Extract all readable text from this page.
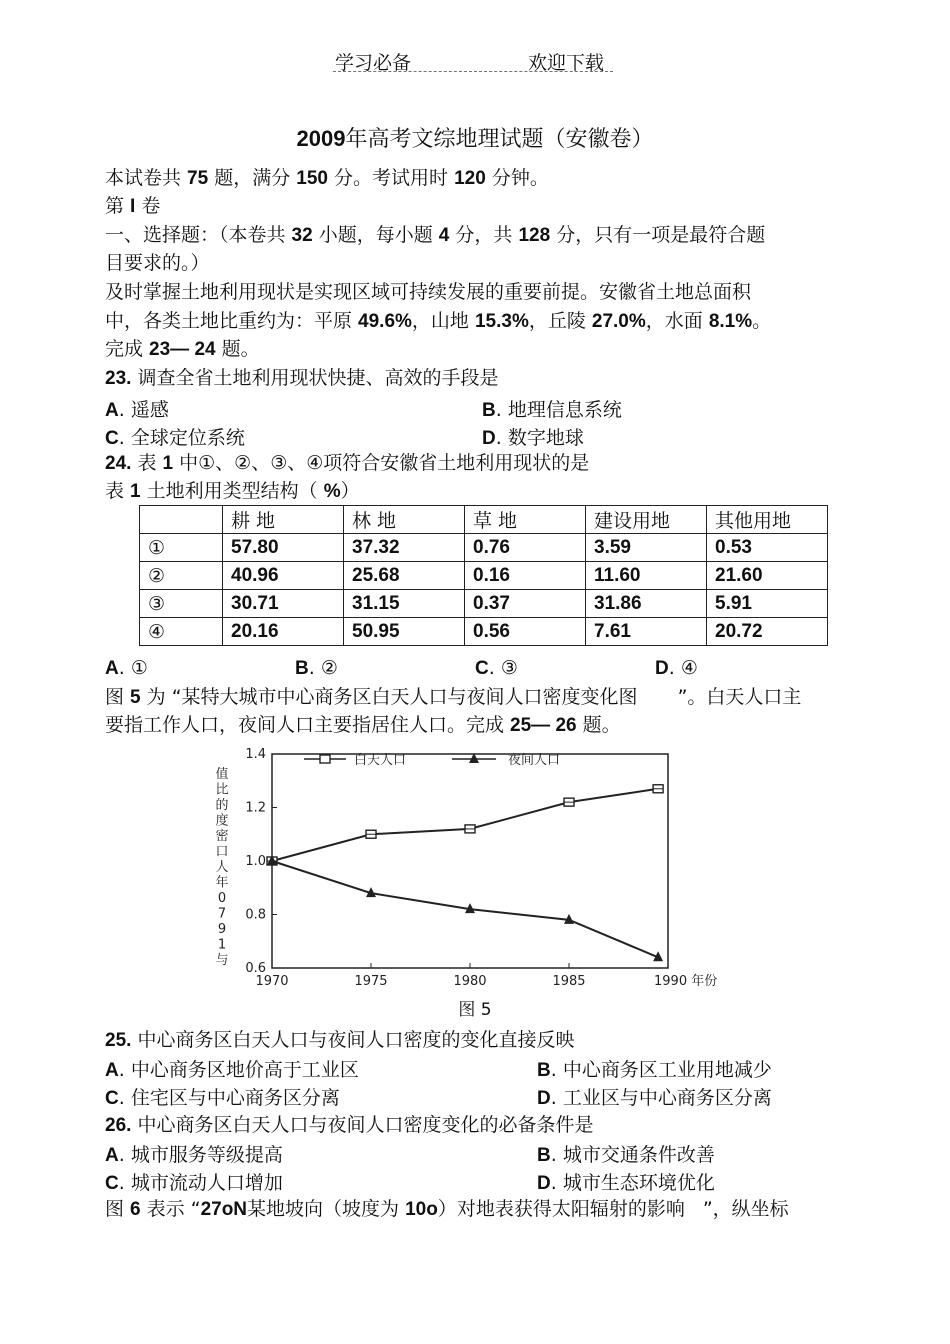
学习必备	欢迎下载
2009年高考文综地理试题（安徽卷）
本试卷共 75 题，满分 150 分。考试用时 120 分钟。
第 I 卷
一、选择题：（本卷共 32 小题，每小题 4 分，共 128 分，只有一项是最符合题
目要求的。）
及时掌握土地利用现状是实现区域可持续发展的重要前提。安徽省土地总面积
中，各类土地比重约为：平原 49.6%，山地 15.3%，丘陵 27.0%，水面 8.1%。
完成 23— 24 题。
23. 调查全省土地利用现状快捷、高效的手段是
A. 遥感	B. 地理信息系统
C. 全球定位系统	D. 数字地球
24. 表 1 中①、②、③、④项符合安徽省土地利用现状的是
表 1 土地利用类型结构（ %）
	耕 地	林 地	草 地	建设用地	其他用地
①	57.80	37.32	0.76	3.59	0.53
②	40.96	25.68	0.16	11.60	21.60
③	30.71	31.15	0.37	31.86	5.91
④	20.16	50.95	0.56	7.61	20.72
A. ①	B. ②	C. ③	D. ④
图 5 为 “某特大城市中心商务区白天人口与夜间人口密度变化图 ”。白天人口主
要指工作人口，夜间人口主要指居住人口。完成 25— 26 题。
0.6
0.8
1.0
1.2
1.4
1970	1975	1980	1985	1990 年份
值
比
的
度
密
口
人
年
0
7
9
1
与
白天人口	夜间人口
图 5
25. 中心商务区白天人口与夜间人口密度的变化直接反映
A. 中心商务区地价高于工业区	B. 中心商务区工业用地减少
C. 住宅区与中心商务区分离	D. 工业区与中心商务区分离
26. 中心商务区白天人口与夜间人口密度变化的必备条件是
A. 城市服务等级提高	B. 城市交通条件改善
C. 城市流动人口增加	D. 城市生态环境优化
图 6 表示 “27oN某地坡向（坡度为 10o）对地表获得太阳辐射的影响 ”，纵坐标
